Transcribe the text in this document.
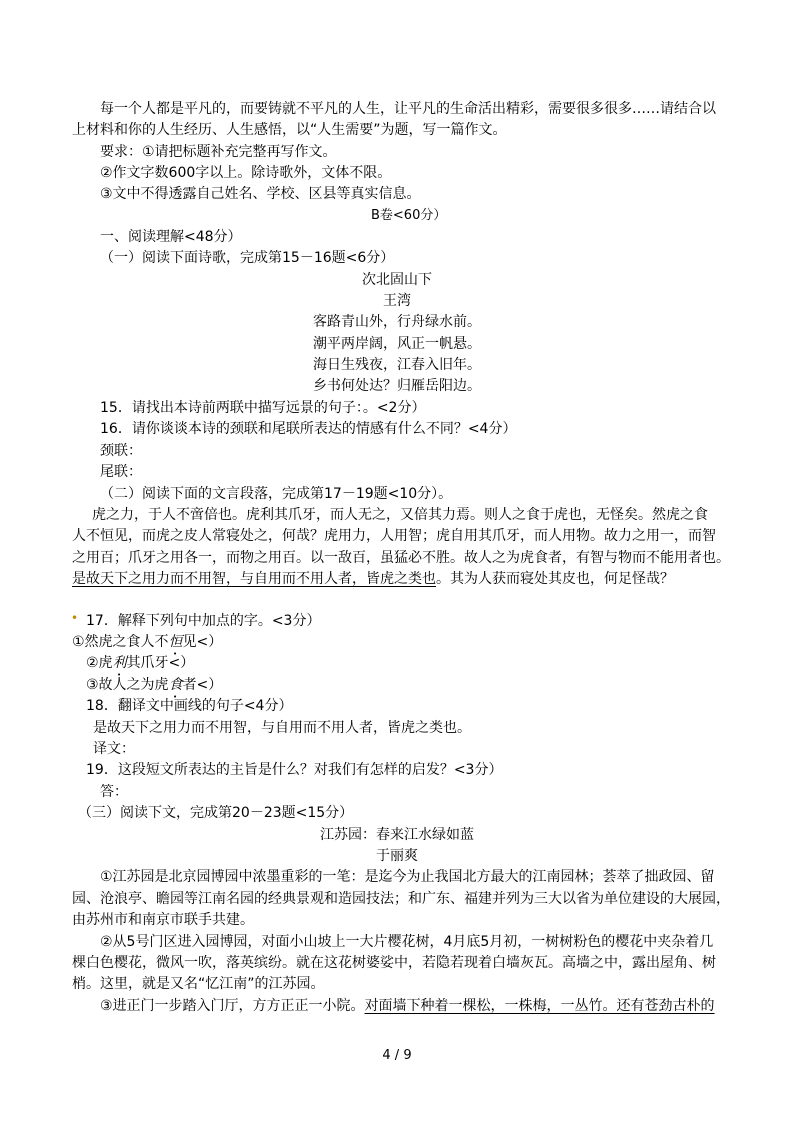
每一个人都是平凡的，而要铸就不平凡的人生，让平凡的生命活出精彩，需要很多很多……请结合以

上材料和你的人生经历、人生感悟，以“人生需要”为题，写一篇作文。

要求：①请把标题补充完整再写作文。

②作文字数600字以上。除诗歌外，文体不限。

③文中不得透露自己姓名、学校、区县等真实信息。

B卷<60分）

一、阅读理解<48分）

（一）阅读下面诗歌，完成第15－16题<6分）

次北固山下

王湾

客路青山外，行舟绿水前。

潮平两岸阔，风正一帆悬。

海日生残夜，江春入旧年。

乡书何处达？归雁岳阳边。

15．请找出本诗前两联中描写远景的句子：。<2分）

16．请你谈谈本诗的颈联和尾联所表达的情感有什么不同？<4分）

颈联：

尾联：

（二）阅读下面的文言段落，完成第17－19题<10分）。

虎之力，于人不啻倍也。虎利其爪牙，而人无之，又倍其力焉。则人之食于虎也，无怪矣。然虎之食

人不恒见，而虎之皮人常寝处之，何哉？虎用力，人用智；虎自用其爪牙，而人用物。故力之用一，而智

之用百；爪牙之用各一，而物之用百。以一敌百，虽猛必不胜。故人之为虎食者，有智与物而不能用者也。

是故天下之用力而不用智，与自用而不用人者，皆虎之类也。其为人获而寝处其皮也，何足怪哉？

• 17．解释下列句中加点的字。<3分）

①然虎之食人不恒见<）

②虎利其爪牙<）

③故人之为虎食者<）

18．翻译文中画线的句子<4分）

是故天下之用力而不用智，与自用而不用人者，皆虎之类也。

译文：

19．这段短文所表达的主旨是什么？对我们有怎样的启发？<3分）

答：

（三）阅读下文，完成第20－23题<15分）

江苏园：春来江水绿如蓝

于丽爽

①江苏园是北京园博园中浓墨重彩的一笔：是迄今为止我国北方最大的江南园林；荟萃了拙政园、留

园、沧浪亭、瞻园等江南名园的经典景观和造园技法；和广东、福建并列为三大以省为单位建设的大展园，

由苏州市和南京市联手共建。

②从5号门区进入园博园，对面小山坡上一大片樱花树，4月底5月初，一树树粉色的樱花中夹杂着几

棵白色樱花，微风一吹，落英缤纷。就在这花树婆娑中，若隐若现着白墙灰瓦。高墙之中，露出屋角、树

梢。这里，就是又名“忆江南”的江苏园。

③进正门一步踏入门厅，方方正正一小院。对面墙下种着一棵松，一株梅，一丛竹。还有苍劲古朴的

4 / 9
